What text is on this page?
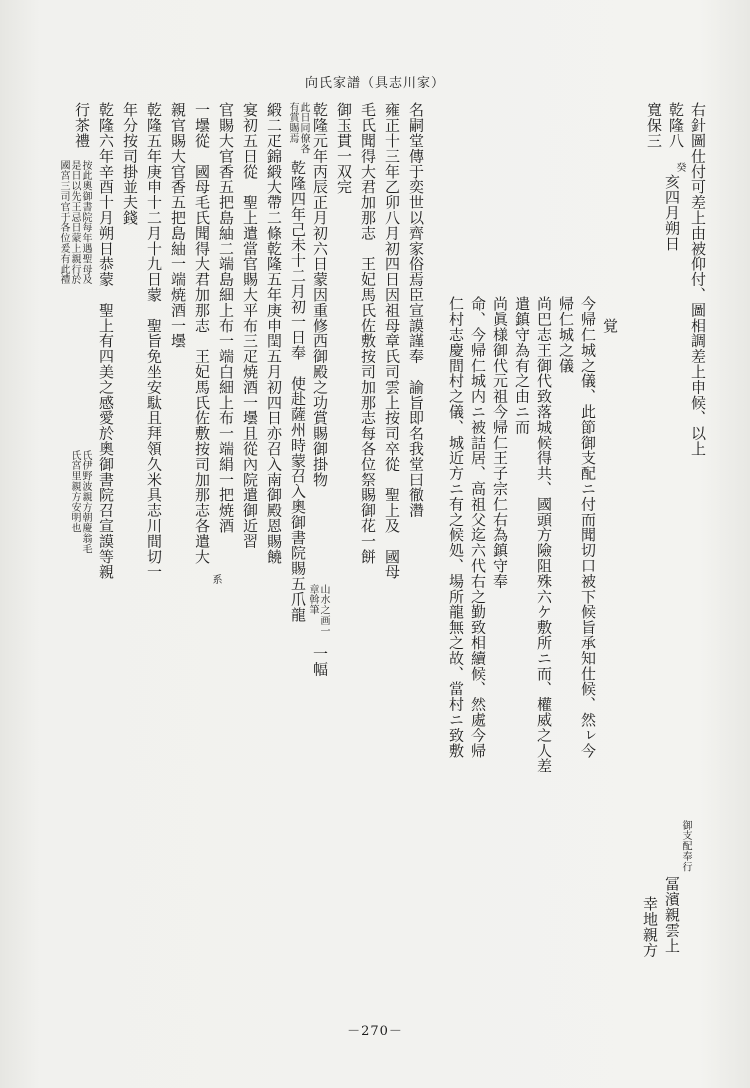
向氏家譜（具志川家）
名嗣堂傳于奕世以齊家俗焉臣宣謨謹奉　諭旨即名我堂曰徹濳
雍正十三年乙卯八月初四日因祖母章氏司雲上按司卒從　聖上及　國母
毛氏聞得大君加那志　王妃馬氏佐敷按司加那志每各位祭賜御花一餅
御玉貫一双完
乾隆元年丙辰正月初六日蒙因重修西御殿之功賞賜御掛物
山水之画一
章斡筆
一幅
此日同僚各
有賞賜焉
乾隆四年己未十二月初一日奉　使赴薩州時蒙召入奧御書院賜五爪龍
緞二疋錦緞大帶二條乾隆五年庚申閏五月初四日亦召入南御殿恩賜饒
宴初五日從　聖上遣當官賜大平布三疋焼酒一壜且從內院遣御近習
官賜大官香五把島紬二端島細上布一端白細上布一端絹一把焼酒
系
一壜從　國母毛氏聞得大君加那志　王妃馬氏佐敷按司加那志各遣大
親官賜大官香五把島紬一端焼酒一壜
乾隆五年庚申十二月十九日蒙　聖旨免坐安駄且拜領久米具志川間切一
年分按司掛並夫錢
乾隆六年辛酉十月朔日恭蒙　聖上有四美之感愛於奧御書院召宣謨等親
行茶禮
按此奧御書院每年遇聖母及
是日以先王忌日蒙上親行於
國宮三司官于各位爰有此禮
氏伊野波親方朝慶翁毛
氏宮里親方安明也
右針圖仕付可差上由被仰付、圖相調差上申候、以上
乾隆八
癸
亥四月朔日
御支配奉行
冨濱親雲上
寬保三
幸地親方
覚
今帰仁城之儀、此節御支配ニ付而聞切口被下候旨承知仕候、然ㇾ今
帰仁城之儀
尚巴志王御代致落城候得共、國頭方險阻殊六ケ敷所ニ而、權威之人差
遣鎮守為有之由ニ而
尚眞様御代元祖今帰仁王子宗仁右為鎮守奉
命、今帰仁城内ニ被詰居、高祖父迄六代右之勤致相續候、然處今帰
仁村志慶間村之儀、城近方ニ有之候処、場所龍無之故、當村ニ致敷
－270－
